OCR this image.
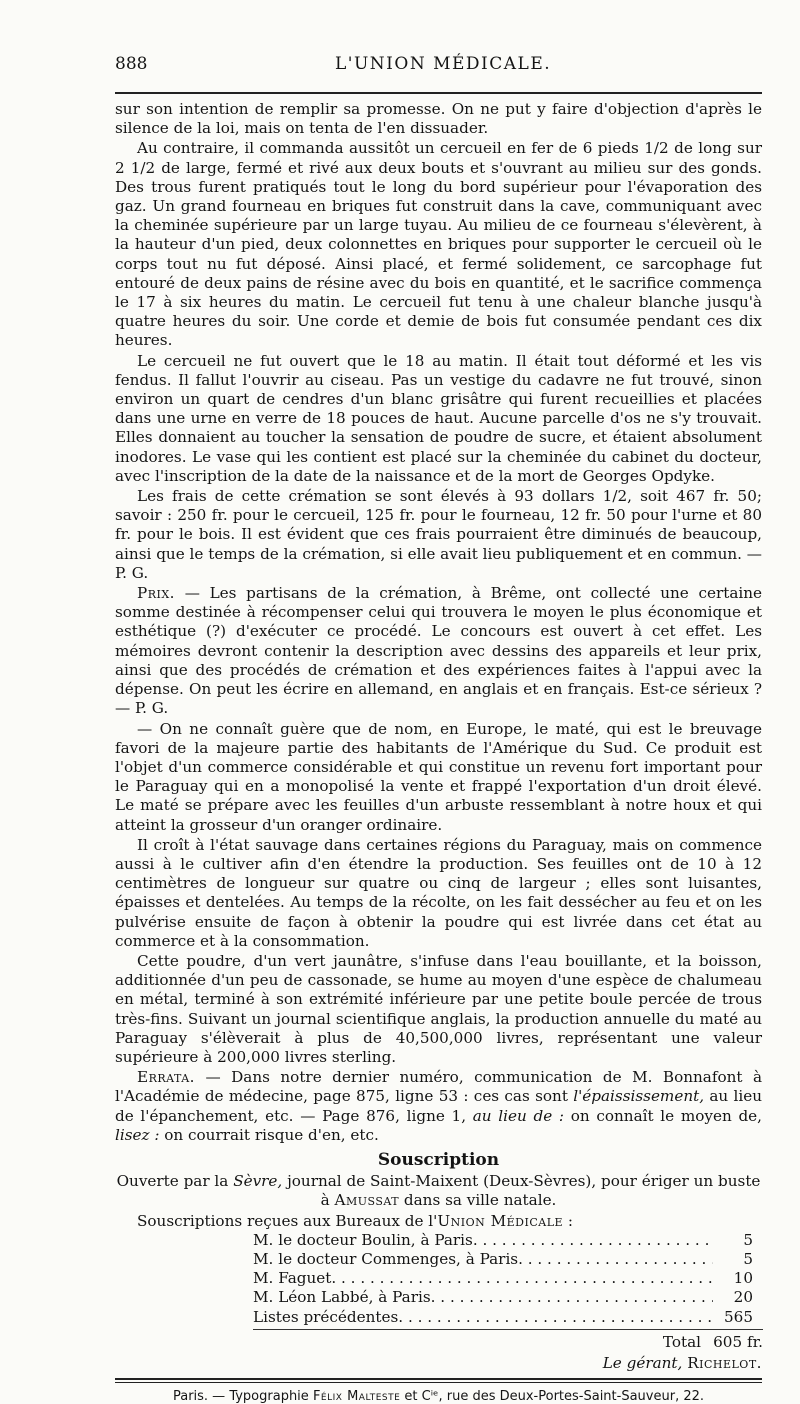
888	L'UNION MÉDICALE.

sur son intention de remplir sa promesse. On ne put y faire d'objection d'après le silence de la loi, mais on tenta de l'en dissuader.

Au contraire, il commanda aussitôt un cercueil en fer de 6 pieds 1/2 de long sur 2 1/2 de large, fermé et rivé aux deux bouts et s'ouvrant au milieu sur des gonds. Des trous furent pratiqués tout le long du bord supérieur pour l'évaporation des gaz. Un grand fourneau en briques fut construit dans la cave, communiquant avec la cheminée supérieure par un large tuyau. Au milieu de ce fourneau s'élevèrent, à la hauteur d'un pied, deux colonnettes en briques pour supporter le cercueil où le corps tout nu fut déposé. Ainsi placé, et fermé solidement, ce sarcophage fut entouré de deux pains de résine avec du bois en quantité, et le sacrifice commença le 17 à six heures du matin. Le cercueil fut tenu à une chaleur blanche jusqu'à quatre heures du soir. Une corde et demie de bois fut consumée pendant ces dix heures.

Le cercueil ne fut ouvert que le 18 au matin. Il était tout déformé et les vis fendus. Il fallut l'ouvrir au ciseau. Pas un vestige du cadavre ne fut trouvé, sinon environ un quart de cendres d'un blanc grisâtre qui furent recueillies et placées dans une urne en verre de 18 pouces de haut. Aucune parcelle d'os ne s'y trouvait. Elles donnaient au toucher la sensation de poudre de sucre, et étaient absolument inodores. Le vase qui les contient est placé sur la cheminée du cabinet du docteur, avec l'inscription de la date de la naissance et de la mort de Georges Opdyke.

Les frais de cette crémation se sont élevés à 93 dollars 1/2, soit 467 fr. 50; savoir : 250 fr. pour le cercueil, 125 fr. pour le fourneau, 12 fr. 50 pour l'urne et 80 fr. pour le bois. Il est évident que ces frais pourraient être diminués de beaucoup, ainsi que le temps de la crémation, si elle avait lieu publiquement et en commun. — P. G.

Prix. — Les partisans de la crémation, à Brême, ont collecté une certaine somme destinée à récompenser celui qui trouvera le moyen le plus économique et esthétique (?) d'exécuter ce procédé. Le concours est ouvert à cet effet. Les mémoires devront contenir la description avec dessins des appareils et leur prix, ainsi que des procédés de crémation et des expériences faites à l'appui avec la dépense. On peut les écrire en allemand, en anglais et en français. Est-ce sérieux ? — P. G.

— On ne connaît guère que de nom, en Europe, le maté, qui est le breuvage favori de la majeure partie des habitants de l'Amérique du Sud. Ce produit est l'objet d'un commerce considérable et qui constitue un revenu fort important pour le Paraguay qui en a monopolisé la vente et frappé l'exportation d'un droit élevé. Le maté se prépare avec les feuilles d'un arbuste ressemblant à notre houx et qui atteint la grosseur d'un oranger ordinaire.

Il croît à l'état sauvage dans certaines régions du Paraguay, mais on commence aussi à le cultiver afin d'en étendre la production. Ses feuilles ont de 10 à 12 centimètres de longueur sur quatre ou cinq de largeur ; elles sont luisantes, épaisses et dentelées. Au temps de la récolte, on les fait dessécher au feu et on les pulvérise ensuite de façon à obtenir la poudre qui est livrée dans cet état au commerce et à la consommation.

Cette poudre, d'un vert jaunâtre, s'infuse dans l'eau bouillante, et la boisson, additionnée d'un peu de cassonade, se hume au moyen d'une espèce de chalumeau en métal, terminé à son extrémité inférieure par une petite boule percée de trous très-fins. Suivant un journal scientifique anglais, la production annuelle du maté au Paraguay s'élèverait à plus de 40,500,000 livres, représentant une valeur supérieure à 200,000 livres sterling.

Errata. — Dans notre dernier numéro, communication de M. Bonnafont à l'Académie de médecine, page 875, ligne 53 : ces cas sont l'épaississement, au lieu de l'épanchement, etc. — Page 876, ligne 1, au lieu de : on connaît le moyen de, lisez : on courrait risque d'en, etc.

Souscription

Ouverte par la Sèvre, journal de Saint-Maixent (Deux-Sèvres), pour ériger un buste à Amussat dans sa ville natale.

Souscriptions reçues aux Bureaux de l'Union Médicale :

M. le docteur Boulin, à Paris . . .	5
M. le docteur Commenges, à Paris . . .	5
M. Faguet . . .	10
M. Léon Labbé, à Paris . . .	20
Listes précédentes . . .	565
Total 605 fr.
Le gérant, Richelot.
Paris. — Typographie Félix Malteste et Cⁱᵉ, rue des Deux-Portes-Saint-Sauveur, 22.
